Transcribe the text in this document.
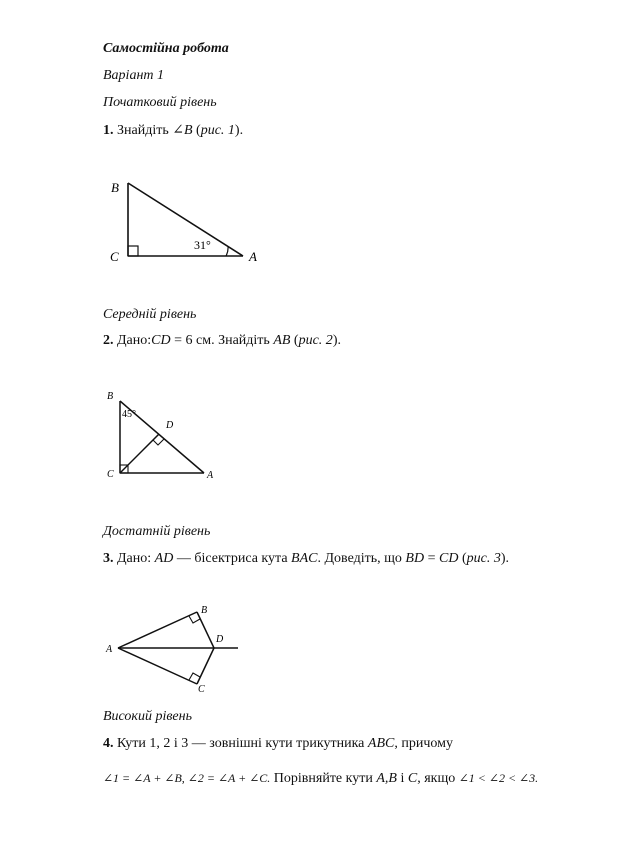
Самостійна робота
Варіант 1
Початковий рівень
1. Знайдіть ∠B (рис. 1).
B
C	A
31°
Середній рівень
2. Дано:CD = 6 см. Знайдіть AB (рис. 2).
B
C	A
D
45°
Достатній рівень
3. Дано: AD — бісектриса кута BAC. Доведіть, що BD = CD (рис. 3).
A
B
C
D
Високий рівень
4. Кути 1, 2 і 3 — зовнішні кути трикутника ABC, причому
∠1 = ∠A + ∠B, ∠2 = ∠A + ∠C. Порівняйте кути A,B і C, якщо ∠1 < ∠2 < ∠3.
